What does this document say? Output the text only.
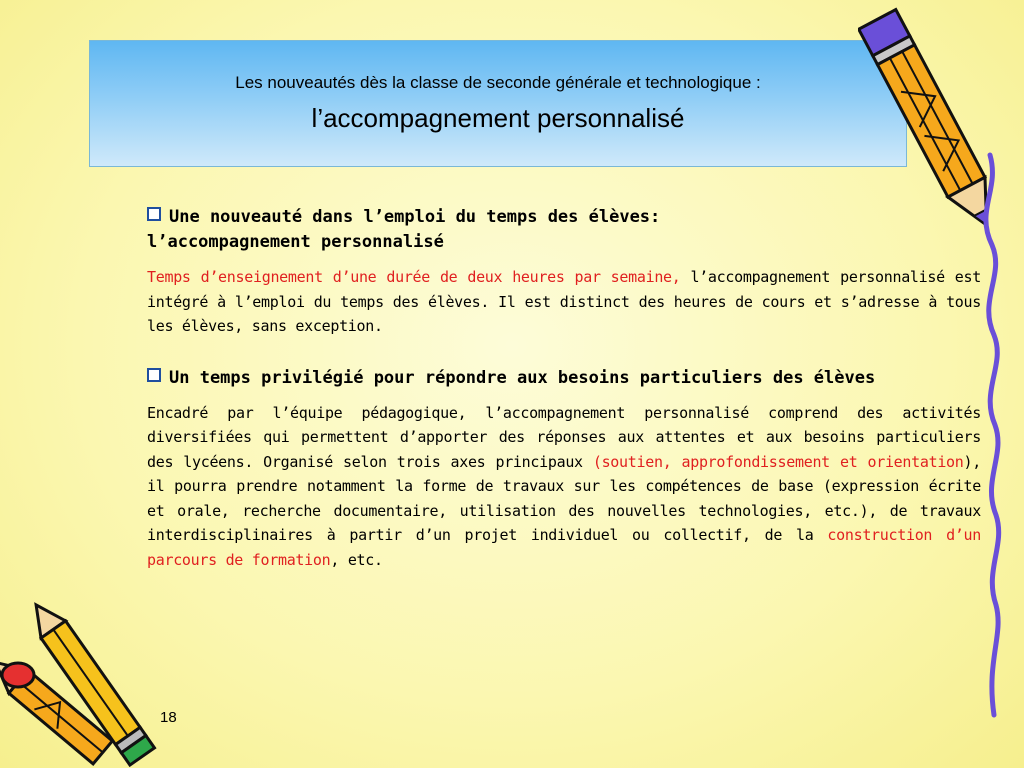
Les nouveautés dès la classe de seconde générale et technologique :
l’accompagnement personnalisé

Une nouveauté dans l’emploi du temps des élèves:
l’accompagnement personnalisé

Temps d’enseignement d’une durée de deux heures par semaine, l’accompagnement personnalisé est intégré à l’emploi du temps des élèves. Il est distinct des heures de cours et s’adresse à tous les élèves, sans exception.

Un temps privilégié pour répondre aux besoins particuliers des élèves

Encadré par l’équipe pédagogique, l’accompagnement personnalisé comprend des activités diversifiées qui permettent d’apporter des réponses aux attentes et aux besoins particuliers des lycéens. Organisé selon trois axes principaux (soutien, approfondissement et orientation), il pourra prendre notamment la forme de travaux sur les compétences de base (expression écrite et orale, recherche documentaire, utilisation des nouvelles technologies, etc.), de travaux interdisciplinaires à partir d’un projet individuel ou collectif, de la construction d’un parcours de formation, etc.

18
